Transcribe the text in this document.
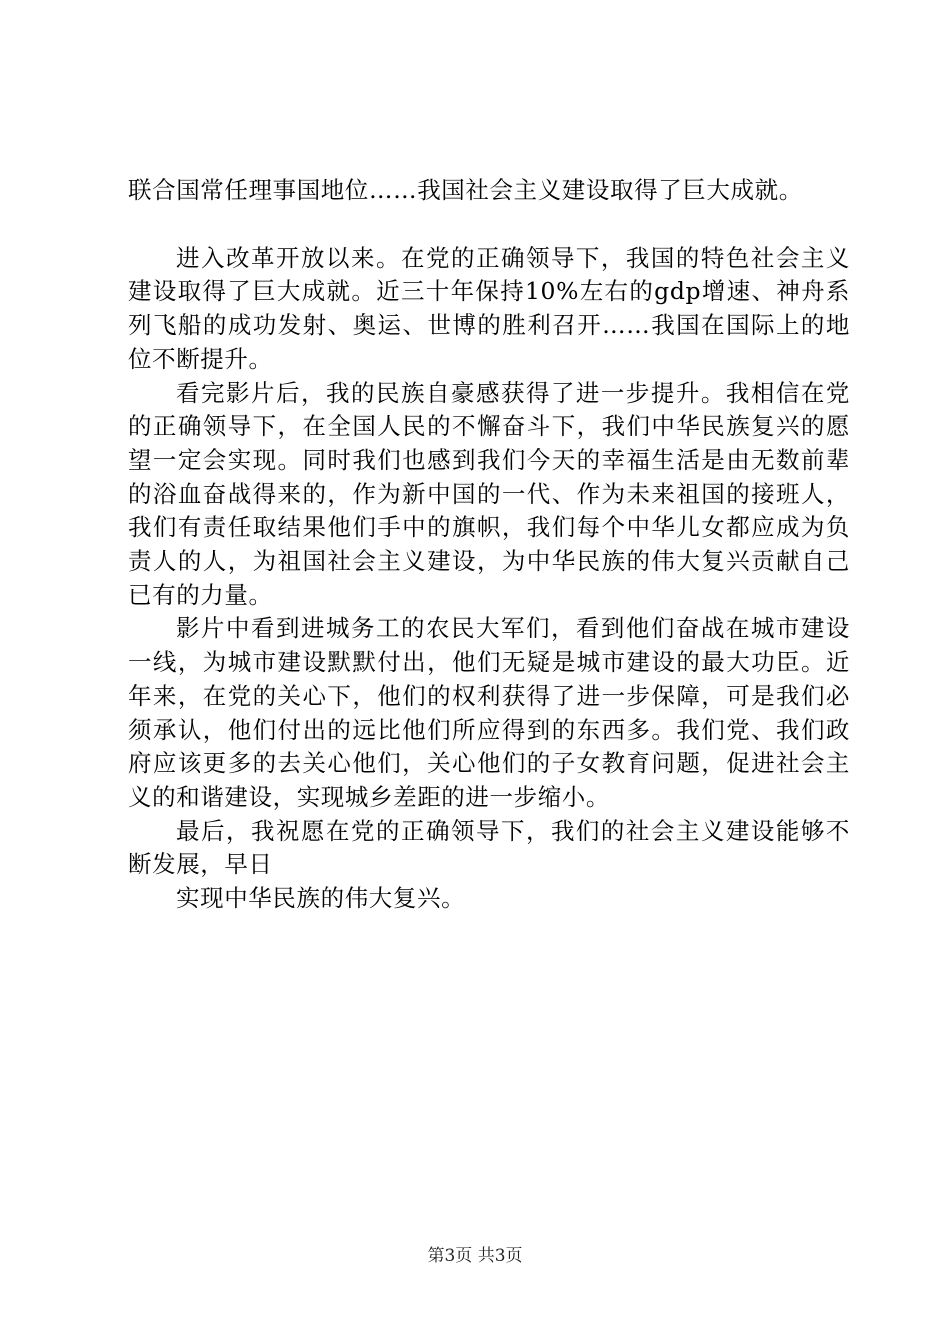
联合国常任理事国地位……我国社会主义建设取得了巨大成就。

进入改革开放以来。在党的正确领导下，我国的特色社会主义建设取得了巨大成就。近三十年保持10%左右的gdp增速、神舟系列飞船的成功发射、奥运、世博的胜利召开……我国在国际上的地位不断提升。

看完影片后，我的民族自豪感获得了进一步提升。我相信在党的正确领导下，在全国人民的不懈奋斗下，我们中华民族复兴的愿望一定会实现。同时我们也感到我们今天的幸福生活是由无数前辈的浴血奋战得来的，作为新中国的一代、作为未来祖国的接班人，我们有责任取结果他们手中的旗帜，我们每个中华儿女都应成为负责人的人，为祖国社会主义建设，为中华民族的伟大复兴贡献自己已有的力量。

影片中看到进城务工的农民大军们，看到他们奋战在城市建设一线，为城市建设默默付出，他们无疑是城市建设的最大功臣。近年来，在党的关心下，他们的权利获得了进一步保障，可是我们必须承认，他们付出的远比他们所应得到的东西多。我们党、我们政府应该更多的去关心他们，关心他们的子女教育问题，促进社会主义的和谐建设，实现城乡差距的进一步缩小。

最后，我祝愿在党的正确领导下，我们的社会主义建设能够不断发展，早日

实现中华民族的伟大复兴。

第3页 共3页
